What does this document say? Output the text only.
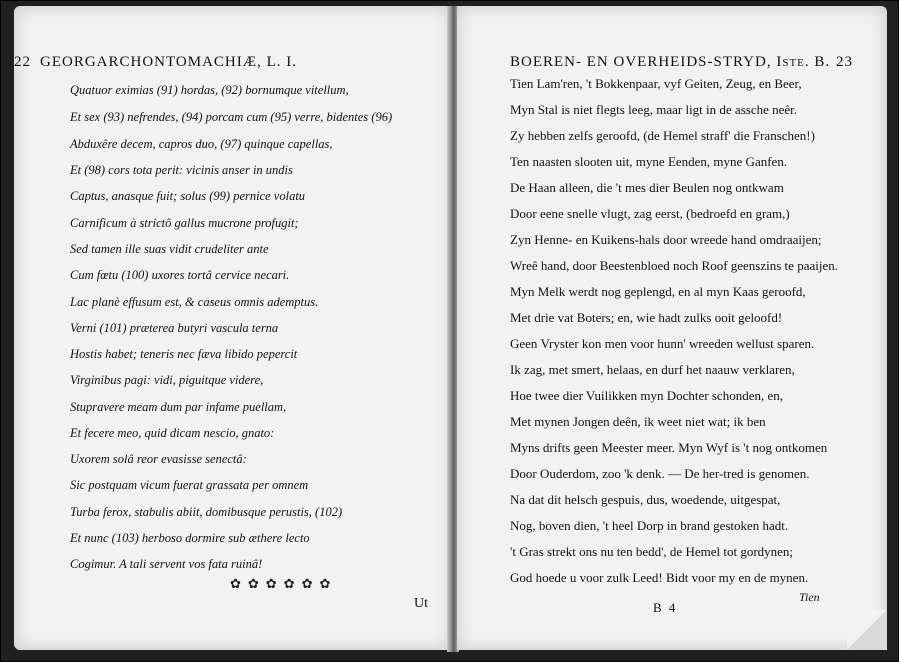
22 GEORGARCHONTOMACHIÆ, L. I.
Quatuor eximias (91) hordas, (92) bornumque vitellum,
Et sex (93) nefrendes, (94) porcam cum (95) verre, bidentes (96)
Abduxêre decem, capros duo, (97) quinque capellas,
Et (98) cors tota perit: vicinis anser in undis
Captus, anasque fuit; solus (99) pernice volatu
Carnificum à strictô gallus mucrone profugit;
Sed tamen ille suas vidit crudeliter ante
Cum fœtu (100) uxores tortâ cervice necari.
Lac planè effusum est, & caseus omnis ademptus.
Verni (101) præterea butyri vascula terna
Hostis habet; teneris nec fæva libido pepercit
Virginibus pagi: vidi, piguitque videre,
Stupravere meam dum par infame puellam,
Et fecere meo, quid dicam nescio, gnato:
Uxorem solâ reor evasisse senectâ:
Sic postquam vicum fuerat grassata per omnem
Turba ferox, stabulis abiit, domibusque perustis, (102)
Et nunc (103) herboso dormire sub æthere lecto
Cogimur. A tali servent vos fata ruinâ!
✿✿✿✿✿✿
Ut
BOEREN- EN OVERHEIDS-STRYD, Iste. B. 23
Tien Lam'ren, 't Bokkenpaar, vyf Geiten, Zeug, en Beer,
Myn Stal is niet flegts leeg, maar ligt in de assche neêr.
Zy hebben zelfs geroofd, (de Hemel straff' die Franschen!)
Ten naasten slooten uit, myne Eenden, myne Ganfen.
De Haan alleen, die 't mes dier Beulen nog ontkwam
Door eene snelle vlugt, zag eerst, (bedroefd en gram,)
Zyn Henne- en Kuikens-hals door wreede hand omdraaijen;
Wreê hand, door Beestenbloed noch Roof geenszins te paaijen.
Myn Melk werdt nog geplengd, en al myn Kaas geroofd,
Met drie vat Boters; en, wie hadt zulks ooit geloofd!
Geen Vryster kon men voor hunn' wreeden wellust sparen.
Ik zag, met smert, helaas, en durf het naauw verklaren,
Hoe twee dier Vuilikken myn Dochter schonden, en,
Met mynen Jongen deên, ik weet niet wat; ik ben
Myns drifts geen Meester meer. Myn Wyf is 't nog ontkomen
Door Ouderdom, zoo 'k denk. — De her-tred is genomen.
Na dat dit helsch gespuis, dus, woedende, uitgespat,
Nog, boven dien, 't heel Dorp in brand gestoken hadt.
't Gras strekt ons nu ten bedd', de Hemel tot gordynen;
God hoede u voor zulk Leed! Bidt voor my en de mynen.
B 4
Tien
